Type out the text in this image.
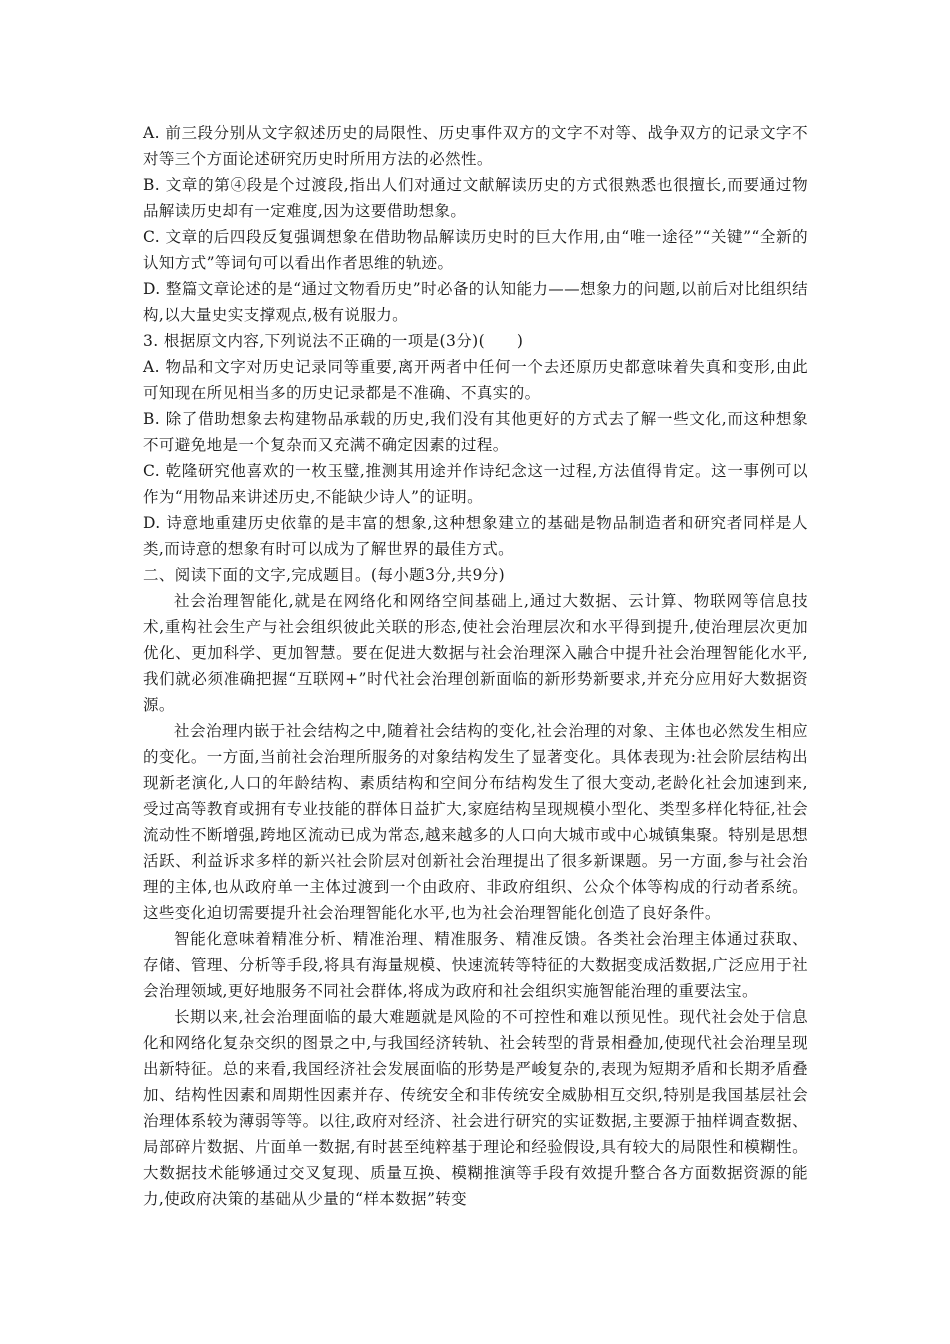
A. 前三段分别从文字叙述历史的局限性、历史事件双方的文字不对等、战争双方的记录文字不对等三个方面论述研究历史时所用方法的必然性。

B. 文章的第④段是个过渡段,指出人们对通过文献解读历史的方式很熟悉也很擅长,而要通过物品解读历史却有一定难度,因为这要借助想象。

C. 文章的后四段反复强调想象在借助物品解读历史时的巨大作用,由“唯一途径”“关键”“全新的认知方式”等词句可以看出作者思维的轨迹。

D. 整篇文章论述的是“通过文物看历史”时必备的认知能力——想象力的问题,以前后对比组织结构,以大量史实支撑观点,极有说服力。

3. 根据原文内容,下列说法不正确的一项是(3分)(　　)

A. 物品和文字对历史记录同等重要,离开两者中任何一个去还原历史都意味着失真和变形,由此可知现在所见相当多的历史记录都是不准确、不真实的。

B. 除了借助想象去构建物品承载的历史,我们没有其他更好的方式去了解一些文化,而这种想象不可避免地是一个复杂而又充满不确定因素的过程。

C. 乾隆研究他喜欢的一枚玉璧,推测其用途并作诗纪念这一过程,方法值得肯定。这一事例可以作为“用物品来讲述历史,不能缺少诗人”的证明。

D. 诗意地重建历史依靠的是丰富的想象,这种想象建立的基础是物品制造者和研究者同样是人类,而诗意的想象有时可以成为了解世界的最佳方式。

二、阅读下面的文字,完成题目。(每小题3分,共9分)

社会治理智能化,就是在网络化和网络空间基础上,通过大数据、云计算、物联网等信息技术,重构社会生产与社会组织彼此关联的形态,使社会治理层次和水平得到提升,使治理层次更加优化、更加科学、更加智慧。要在促进大数据与社会治理深入融合中提升社会治理智能化水平,我们就必须准确把握“互联网+”时代社会治理创新面临的新形势新要求,并充分应用好大数据资源。

社会治理内嵌于社会结构之中,随着社会结构的变化,社会治理的对象、主体也必然发生相应的变化。一方面,当前社会治理所服务的对象结构发生了显著变化。具体表现为:社会阶层结构出现新老演化,人口的年龄结构、素质结构和空间分布结构发生了很大变动,老龄化社会加速到来,受过高等教育或拥有专业技能的群体日益扩大,家庭结构呈现规模小型化、类型多样化特征,社会流动性不断增强,跨地区流动已成为常态,越来越多的人口向大城市或中心城镇集聚。特别是思想活跃、利益诉求多样的新兴社会阶层对创新社会治理提出了很多新课题。另一方面,参与社会治理的主体,也从政府单一主体过渡到一个由政府、非政府组织、公众个体等构成的行动者系统。这些变化迫切需要提升社会治理智能化水平,也为社会治理智能化创造了良好条件。

智能化意味着精准分析、精准治理、精准服务、精准反馈。各类社会治理主体通过获取、存储、管理、分析等手段,将具有海量规模、快速流转等特征的大数据变成活数据,广泛应用于社会治理领域,更好地服务不同社会群体,将成为政府和社会组织实施智能治理的重要法宝。

长期以来,社会治理面临的最大难题就是风险的不可控性和难以预见性。现代社会处于信息化和网络化复杂交织的图景之中,与我国经济转轨、社会转型的背景相叠加,使现代社会治理呈现出新特征。总的来看,我国经济社会发展面临的形势是严峻复杂的,表现为短期矛盾和长期矛盾叠加、结构性因素和周期性因素并存、传统安全和非传统安全威胁相互交织,特别是我国基层社会治理体系较为薄弱等等。以往,政府对经济、社会进行研究的实证数据,主要源于抽样调查数据、局部碎片数据、片面单一数据,有时甚至纯粹基于理论和经验假设,具有较大的局限性和模糊性。大数据技术能够通过交叉复现、质量互换、模糊推演等手段有效提升整合各方面数据资源的能力,使政府决策的基础从少量的“样本数据”转变
